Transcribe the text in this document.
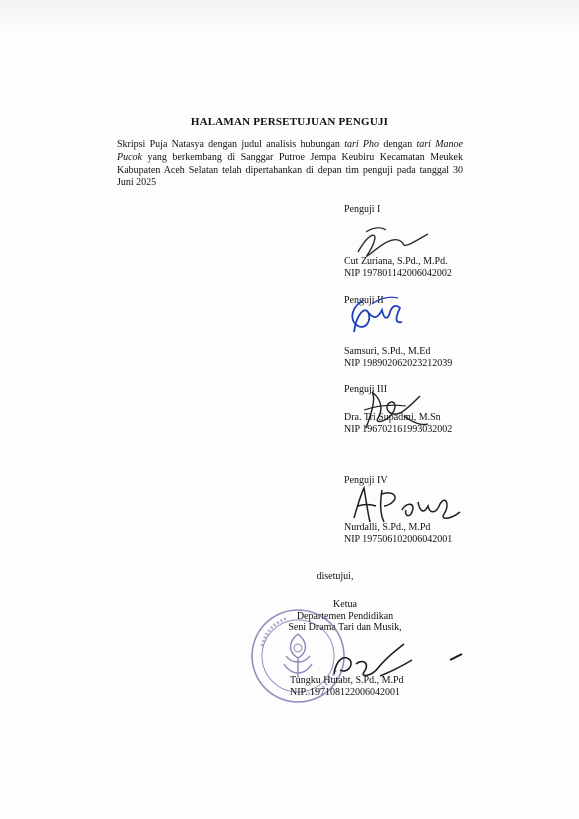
HALAMAN PERSETUJUAN PENGUJI
Skripsi Puja Natasya dengan judul analisis hubungan tari Pho dengan tari Manoe Pucok yang berkembang di Sanggar Putroe Jempa Keubiru Kecamatan Meukek Kabupaten Aceh Selatan telah dipertahankan di depan tim penguji pada tanggal 30 Juni 2025
Penguji I
Cut Zuriana, S.Pd., M.Pd.
NIP 197801142006042002
Penguji II
Samsuri, S.Pd., M.Ed
NIP 198902062023212039
Penguji III
Dra. Tri Supadmi, M.Sn
NIP 196702161993032002
Penguji IV
Nurdalli, S.Pd., M.Pd
NIP 197506102006042001
disetujui,
Ketua
Departemen Pendidikan
Seni Drama Tari dan Musik,
Tungku Hutabt, S.Pd., M.Pd
NIP. 197108122006042001
